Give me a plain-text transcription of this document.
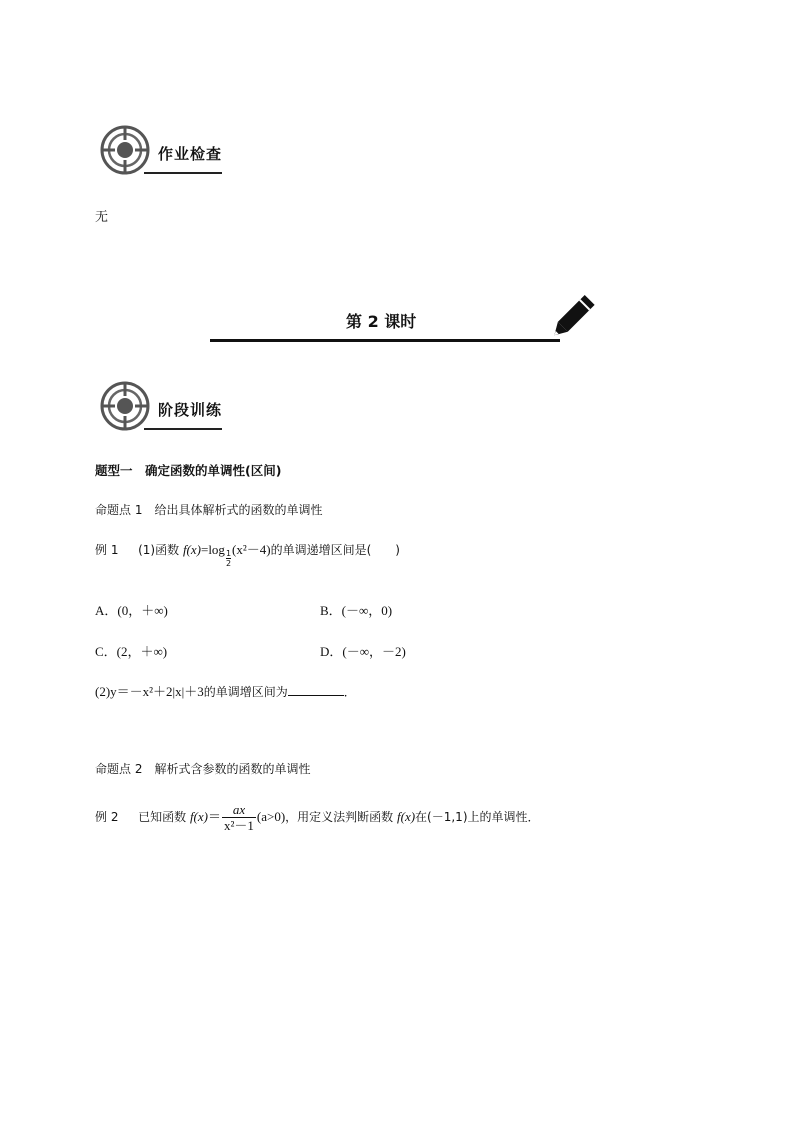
作业检查
无
第 2 课时
阶段训练
题型一　确定函数的单调性(区间)
命题点 1　给出具体解析式的函数的单调性
例 1 (1)函数 $f(x)=\log \frac{1}{2} (x^2-4)$的单调递增区间是(　　)
A．(0，＋∞)	B．(－∞，0)
C．(2，＋∞)	D．(－∞，－2)
(2)y＝－x²＋2|x|＋3的单调增区间为	．
命题点 2　解析式含参数的函数的单调性
例 2 已知函数 $f(x)= \frac{ax}{\text{x²－1}} (a>0)$，用定义法判断函数 f(x)在(－1,1)上的单调性．
